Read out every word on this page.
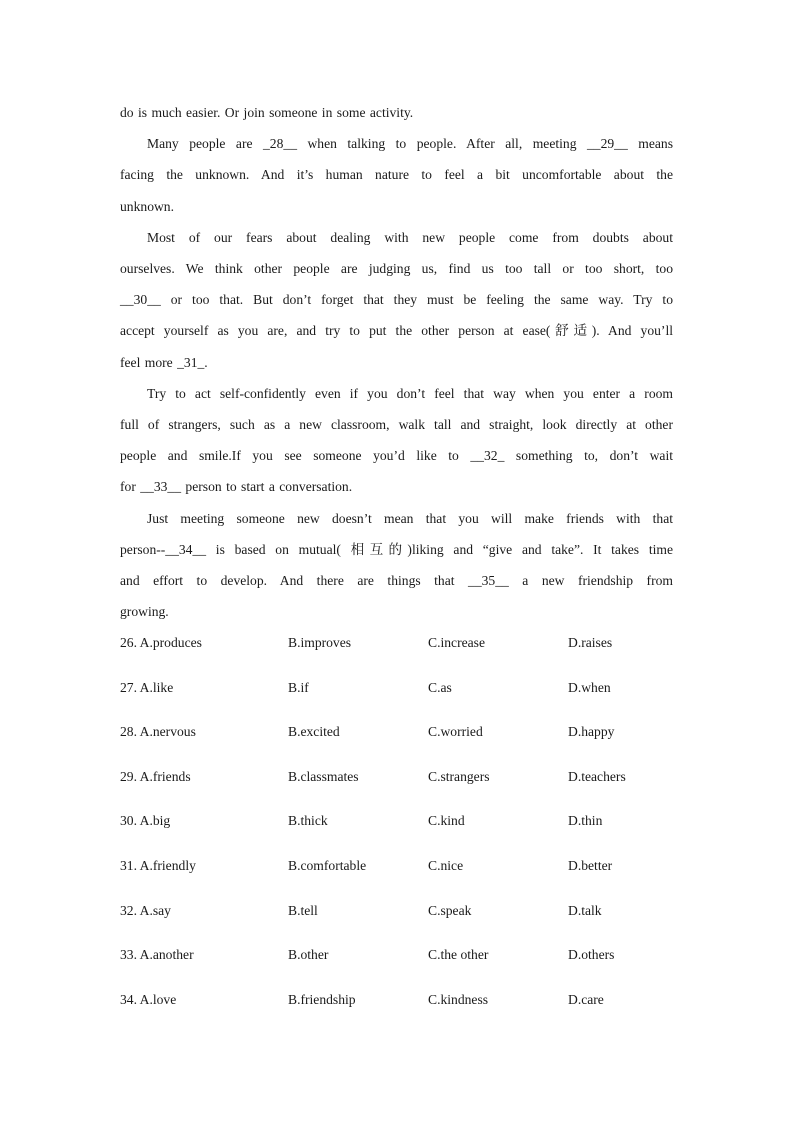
do is much easier. Or join someone in some activity.
Many people are _28__ when talking to people. After all, meeting __29__ means
facing the unknown. And it’s human nature to feel a bit uncomfortable about the
unknown.
Most of our fears about dealing with new people come from doubts about
ourselves. We think other people are judging us, find us too tall or too short, too
__30__ or too that. But don’t forget that they must be feeling the same way. Try to
accept yourself as you are, and try to put the other person at ease(舒适). And you’ll
feel more _31_.
Try to act self-confidently even if you don’t feel that way when you enter a room
full of strangers, such as a new classroom, walk tall and straight, look directly at other
people and smile.If you see someone you’d like to __32_ something to, don’t wait
for __33__ person to start a conversation.
Just meeting someone new doesn’t mean that you will make friends with that
person--__34__ is based on mutual( 相互的)liking and “give and take”. It takes time
and effort to develop. And there are things that __35__ a new friendship from
growing.
26. A.produces	B.improves	C.increase	D.raises
27. A.like	B.if	C.as	D.when
28. A.nervous	B.excited	C.worried	D.happy
29. A.friends	B.classmates	C.strangers	D.teachers
30. A.big	B.thick	C.kind	D.thin
31. A.friendly	B.comfortable	C.nice	D.better
32. A.say	B.tell	C.speak	D.talk
33. A.another	B.other	C.the other	D.others
34. A.love	B.friendship	C.kindness	D.care
